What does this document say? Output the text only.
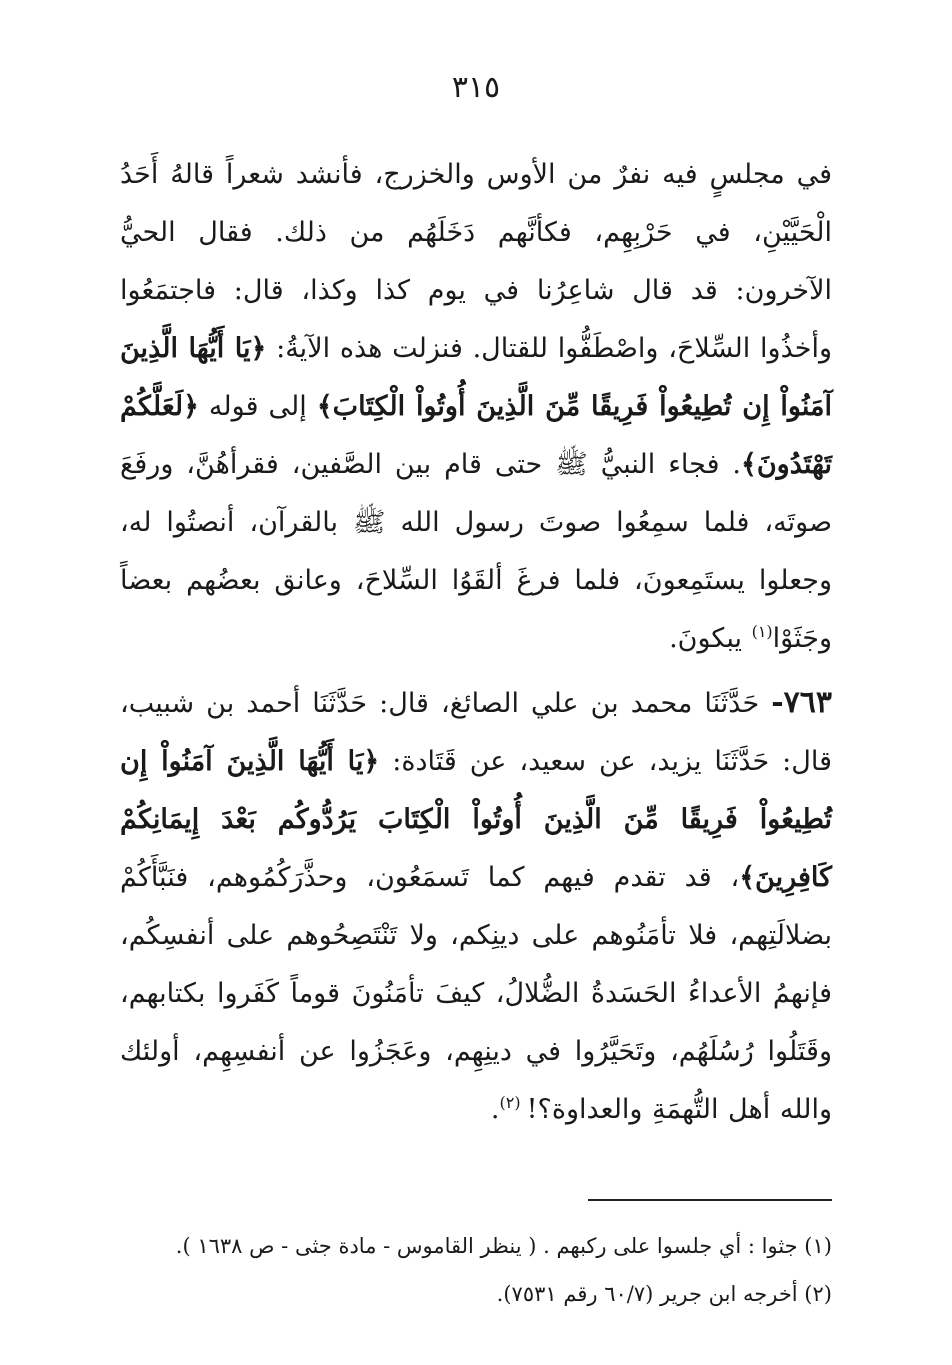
٣١٥

في مجلسٍ فيه نفرٌ من الأوس والخزرج، فأنشد شعراً قالهُ أَحَدُ الْحَيَّيْنِ، في حَرْبِهِم، فكأنَّهم دَخَلَهُم من ذلك. فقال الحيُّ الآخرون: قد قال شاعِرُنا في يوم كذا وكذا، قال: فاجتمَعُوا وأخذُوا السِّلاحَ، واصْطَفُّوا للقتال. فنزلت هذه الآيةُ: ﴿يَا أَيُّهَا الَّذِينَ آمَنُواْ إِن تُطِيعُواْ فَرِيقًا مِّنَ الَّذِينَ أُوتُواْ الْكِتَابَ﴾ إلى قوله ﴿لَعَلَّكُمْ تَهْتَدُونَ﴾. فجاء النبيُّ ﷺ حتى قام بين الصَّفين، فقرأهُنَّ، ورفَعَ صوتَه، فلما سمِعُوا صوتَ رسول الله ﷺ بالقرآن، أنصتُوا له، وجعلوا يستَمِعونَ، فلما فرغَ ألقَوُا السِّلاحَ، وعانق بعضُهم بعضاً وجَثَوْا$^{(١)}$ يبكونَ.

٧٦٣- حَدَّثَنَا محمد بن علي الصائغ، قال: حَدَّثَنَا أحمد بن شبيب، قال: حَدَّثَنَا يزيد، عن سعيد، عن قَتَادة: ﴿يَا أَيُّهَا الَّذِينَ آمَنُواْ إِن تُطِيعُواْ فَرِيقًا مِّنَ الَّذِينَ أُوتُواْ الْكِتَابَ يَرُدُّوكُم بَعْدَ إِيمَانِكُمْ كَافِرِينَ﴾، قد تقدم فيهم كما تَسمَعُون، وحذَّرَكُمُوهم، فنَبَّأَكُمْ بضلالَتِهم، فلا تأمَنُوهم على دينِكم، ولا تَنْتَصِحُوهم على أنفسِكُم، فإنهمُ الأعداءُ الحَسَدةُ الضُّلالُ، كيفَ تأمَنُونَ قوماً كَفَروا بكتابهم، وقَتَلُوا رُسُلَهُم، وتَحَيَّرُوا في دينِهِم، وعَجَزُوا عن أنفسِهِم، أولئك والله أهل التُّهمَةِ والعداوة؟! $^{(٢)}$.

(١) جثوا : أي جلسوا على ركبهم . ( ينظر القاموس - مادة جثى - ص ١٦٣٨ ).

(٢) أخرجه ابن جرير (٦٠/٧ رقم ٧٥٣١).
